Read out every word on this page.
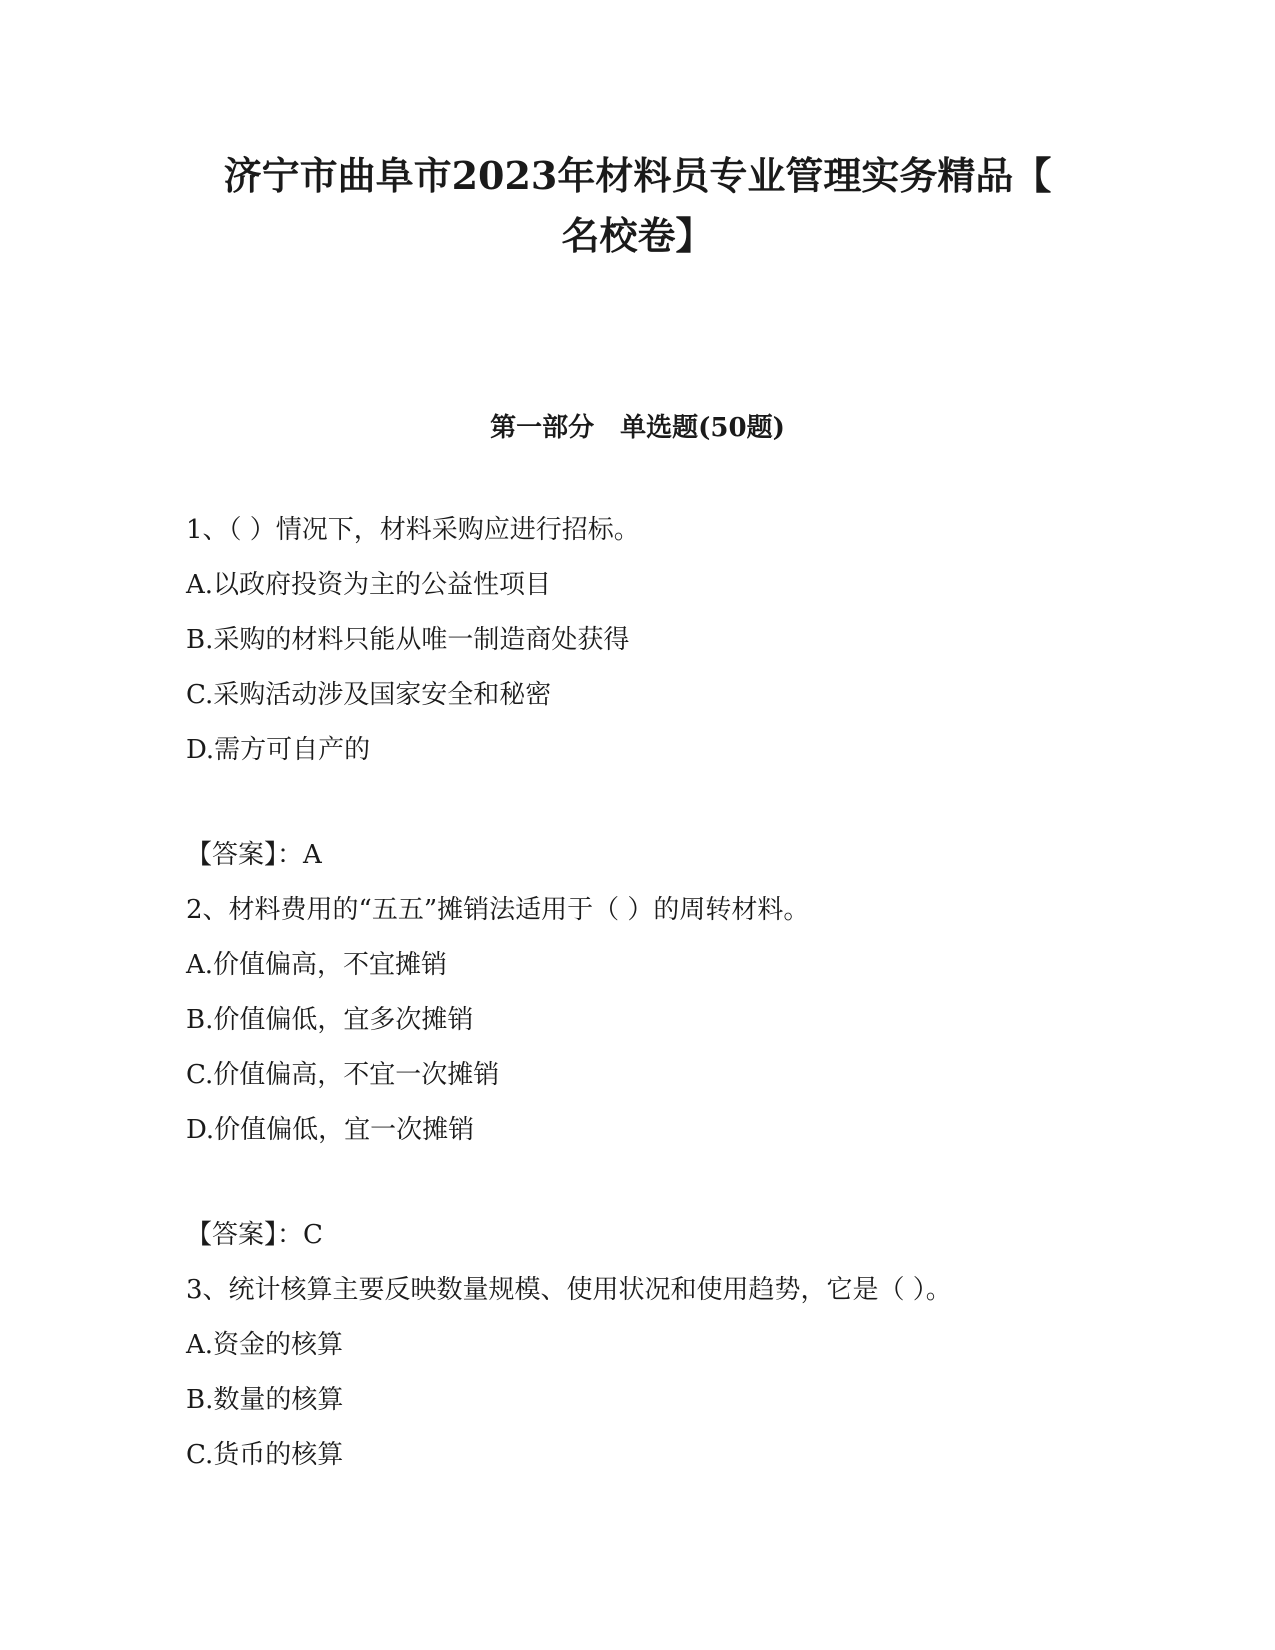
济宁市曲阜市2023年材料员专业管理实务精品【
名校卷】
第一部分　单选题(50题)
1、（ ）情况下，材料采购应进行招标。
A.以政府投资为主的公益性项目
B.采购的材料只能从唯一制造商处获得
C.采购活动涉及国家安全和秘密
D.需方可自产的
【答案】：A
2、材料费用的“五五”摊销法适用于（ ）的周转材料。
A.价值偏高，不宜摊销
B.价值偏低，宜多次摊销
C.价值偏高，不宜一次摊销
D.价值偏低，宜一次摊销
【答案】：C
3、统计核算主要反映数量规模、使用状况和使用趋势，它是（ ）。
A.资金的核算
B.数量的核算
C.货币的核算
